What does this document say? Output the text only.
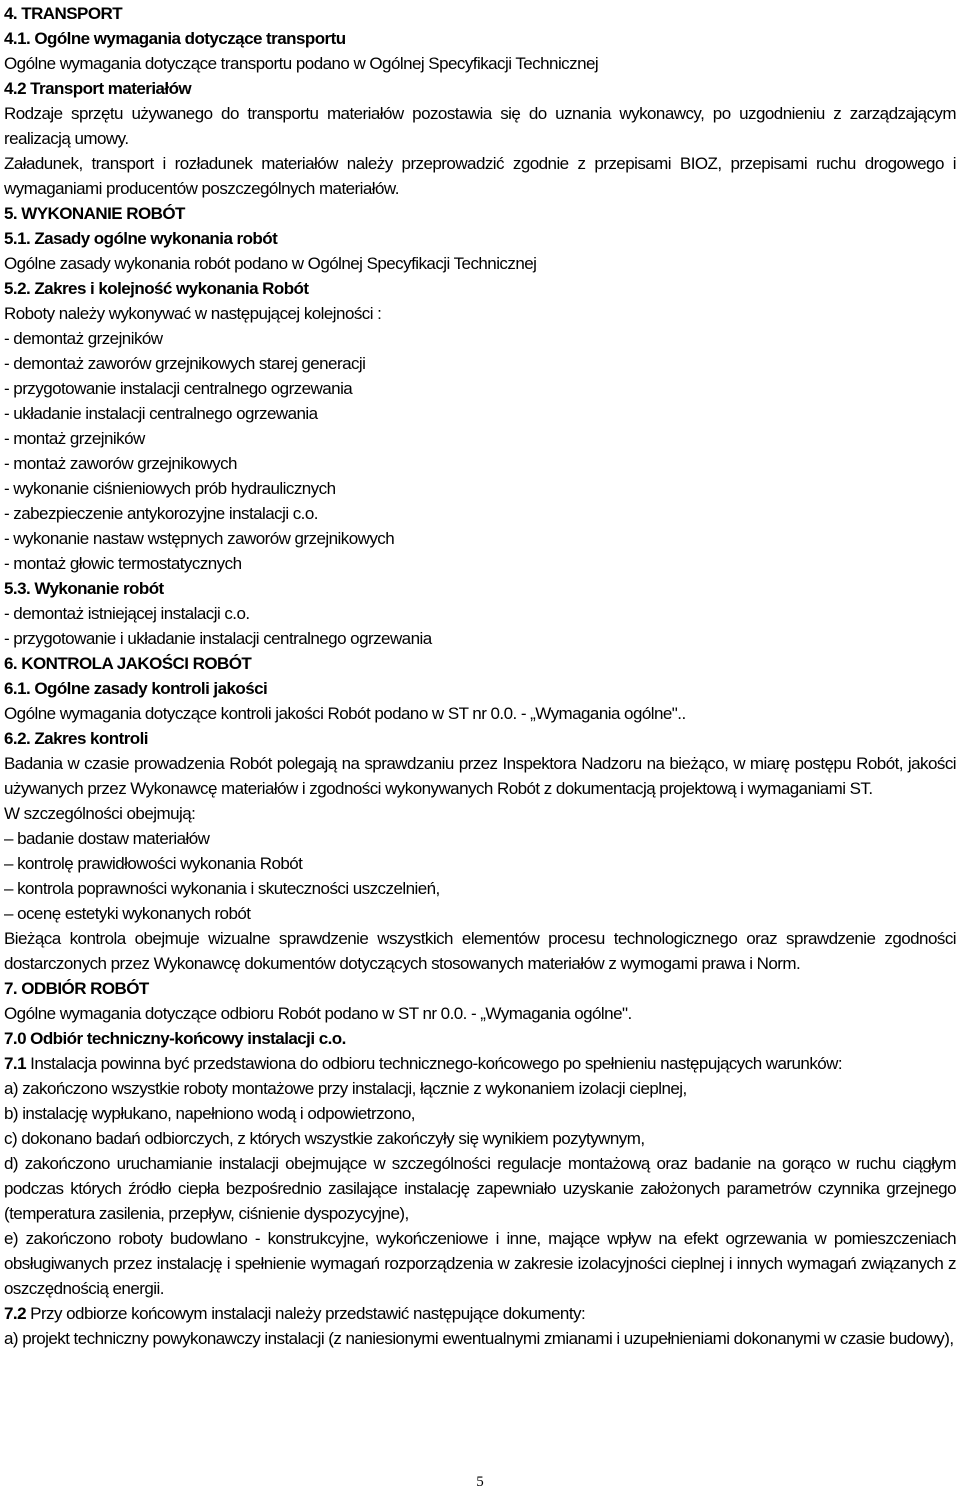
4. TRANSPORT

4.1. Ogólne wymagania dotyczące transportu

Ogólne wymagania dotyczące transportu podano w Ogólnej Specyfikacji Technicznej

4.2 Transport materiałów

Rodzaje sprzętu używanego do transportu materiałów pozostawia się do uznania wykonawcy, po uzgodnieniu z zarządzającym realizacją umowy.

Załadunek, transport i rozładunek materiałów należy przeprowadzić zgodnie z przepisami BIOZ, przepisami ruchu drogowego i wymaganiami producentów poszczególnych materiałów.

5. WYKONANIE ROBÓT

5.1. Zasady ogólne wykonania robót

Ogólne zasady wykonania robót podano w Ogólnej Specyfikacji Technicznej

5.2. Zakres i kolejność wykonania Robót

Roboty należy wykonywać w następującej kolejności :

- demontaż grzejników

- demontaż zaworów grzejnikowych starej generacji

- przygotowanie instalacji centralnego ogrzewania

- układanie instalacji centralnego ogrzewania

- montaż grzejników

- montaż zaworów grzejnikowych

- wykonanie ciśnieniowych prób hydraulicznych

- zabezpieczenie antykorozyjne instalacji c.o.

- wykonanie nastaw wstępnych zaworów grzejnikowych

- montaż głowic termostatycznych

5.3. Wykonanie robót

- demontaż istniejącej instalacji c.o.

- przygotowanie i układanie instalacji centralnego ogrzewania

6. KONTROLA JAKOŚCI ROBÓT

6.1. Ogólne zasady kontroli jakości

Ogólne wymagania dotyczące kontroli jakości Robót podano w ST nr 0.0. - „Wymagania ogólne"..

6.2. Zakres kontroli

Badania w czasie prowadzenia Robót polegają na sprawdzaniu przez Inspektora Nadzoru na bieżąco, w miarę postępu Robót, jakości używanych przez Wykonawcę materiałów i zgodności wykonywanych Robót z dokumentacją projektową i wymaganiami ST.

W szczególności obejmują:

– badanie dostaw materiałów

– kontrolę prawidłowości wykonania Robót

– kontrola poprawności wykonania i skuteczności uszczelnień,

– ocenę estetyki wykonanych robót

Bieżąca kontrola obejmuje wizualne sprawdzenie wszystkich elementów procesu technologicznego oraz sprawdzenie zgodności dostarczonych przez Wykonawcę dokumentów dotyczących stosowanych materiałów z wymogami prawa i Norm.

7. ODBIÓR ROBÓT

Ogólne wymagania dotyczące odbioru Robót podano w ST nr 0.0. - „Wymagania ogólne".

7.0 Odbiór techniczny-końcowy instalacji c.o.

7.1 Instalacja powinna być przedstawiona do odbioru technicznego-końcowego po spełnieniu następujących warunków:

a) zakończono wszystkie roboty montażowe przy instalacji, łącznie z wykonaniem izolacji cieplnej,

b) instalację wypłukano, napełniono wodą i odpowietrzono,

c) dokonano badań odbiorczych, z których wszystkie zakończyły się wynikiem pozytywnym,

d) zakończono uruchamianie instalacji obejmujące w szczególności regulacje montażową oraz badanie na gorąco w ruchu ciągłym podczas których źródło ciepła bezpośrednio zasilające instalację zapewniało uzyskanie założonych parametrów czynnika grzejnego (temperatura zasilenia, przepływ, ciśnienie dyspozycyjne),

e) zakończono roboty budowlano - konstrukcyjne, wykończeniowe i inne, mające wpływ na efekt ogrzewania w pomieszczeniach obsługiwanych przez instalację i spełnienie wymagań rozporządzenia w zakresie izolacyjności cieplnej i innych wymagań związanych z oszczędnością energii.

7.2 Przy odbiorze końcowym instalacji należy przedstawić następujące dokumenty:

a) projekt techniczny powykonawczy instalacji (z naniesionymi ewentualnymi zmianami i uzupełnieniami dokonanymi w czasie budowy),

5
